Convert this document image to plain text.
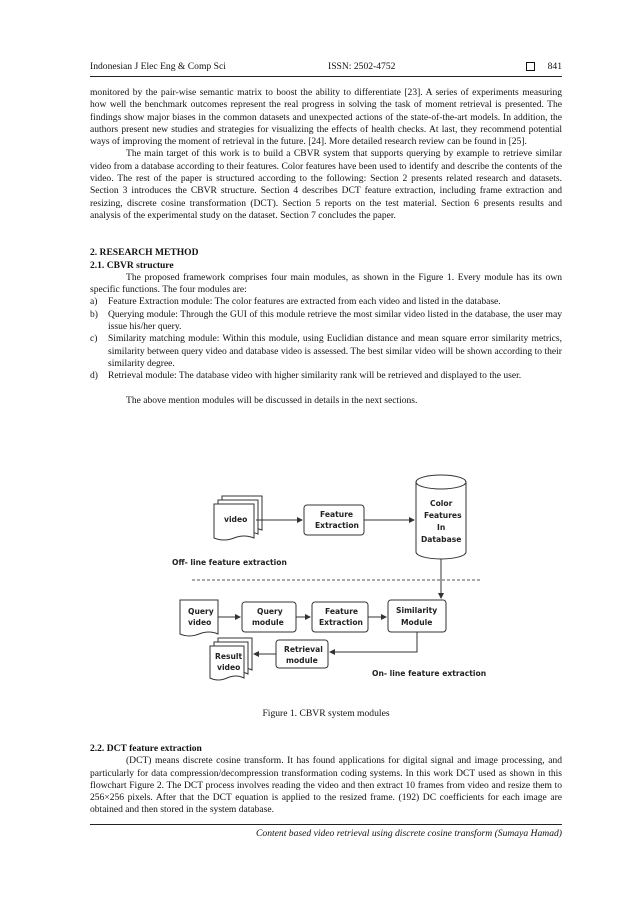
Indonesian J Elec Eng & Comp Sci	ISSN: 2502-4752	841

monitored by the pair-wise semantic matrix to boost the ability to differentiate [23]. A series of experiments measuring how well the benchmark outcomes represent the real progress in solving the task of moment retrieval is presented. The findings show major biases in the common datasets and unexpected actions of the state-of-the-art models. In addition, the authors present new studies and strategies for visualizing the effects of health checks. At last, they recommend potential ways of improving the moment of retrieval in the future. [24]. More detailed research review can be found in [25].

The main target of this work is to build a CBVR system that supports querying by example to retrieve similar video from a database according to their features. Color features have been used to identify and describe the contents of the video. The rest of the paper is structured according to the following: Section 2 presents related research and datasets. Section 3 introduces the CBVR structure. Section 4 describes DCT feature extraction, including frame extraction and resizing, discrete cosine transformation (DCT). Section 5 reports on the test material. Section 6 presents results and analysis of the experimental study on the dataset. Section 7 concludes the paper.

2. RESEARCH METHOD

2.1. CBVR structure

The proposed framework comprises four main modules, as shown in the Figure 1. Every module has its own specific functions. The four modules are:

a) Feature Extraction module: The color features are extracted from each video and listed in the database.
b) Querying module: Through the GUI of this module retrieve the most similar video listed in the database, the user may issue his/her query.
c) Similarity matching module: Within this module, using Euclidian distance and mean square error similarity metrics, similarity between query video and database video is assessed. The best similar video will be shown according to their similarity degree.
d) Retrieval module: The database video with higher similarity rank will be retrieved and displayed to the user.

The above mention modules will be discussed in details in the next sections.

video
Feature
Extraction
Color
Features
In
Database
Off- line feature extraction
Query
video
Query
module
Feature
Extraction
Similarity
Module
Retrieval
module
Result
video
On- line feature extraction
Figure 1. CBVR system modules

2.2. DCT feature extraction

(DCT) means discrete cosine transform. It has found applications for digital signal and image processing, and particularly for data compression/decompression transformation coding systems. In this work DCT used as shown in this flowchart Figure 2. The DCT process involves reading the video and then extract 10 frames from video and resize them to 256×256 pixels. After that the DCT equation is applied to the resized frame. (192) DC coefficients for each image are obtained and then stored in the system database.

Content based video retrieval using discrete cosine transform (Sumaya Hamad)
